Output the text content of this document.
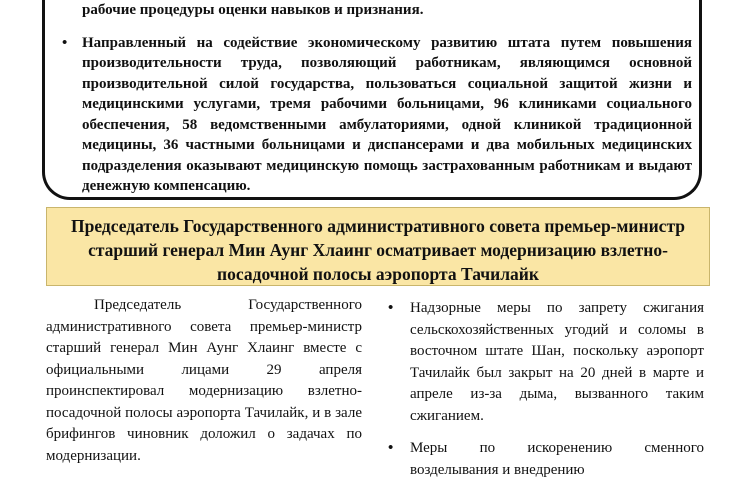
рабочие процедуры оценки навыков и признания.
• Направленный на содействие экономическому развитию штата путем повышения производительности труда, позволяющий работникам, являющимся основной производительной силой государства, пользоваться социальной защитой жизни и медицинскими услугами, тремя рабочими больницами, 96 клиниками социального обеспечения, 58 ведомственными амбулаториями, одной клиникой традиционной медицины, 36 частными больницами и диспансерами и два мобильных медицинских подразделения оказывают медицинскую помощь застрахованным работникам и выдают денежную компенсацию.
Председатель Государственного административного совета премьер-министр старший генерал Мин Аунг Хлаинг осматривает модернизацию взлетно-посадочной полосы аэропорта Тачилайк

Председатель Государственного административного совета премьер-министр старший генерал Мин Аунг Хлаинг вместе с официальными лицами 29 апреля проинспектировал модернизацию взлетно-посадочной полосы аэропорта Тачилайк, и в зале брифингов чиновник доложил о задачах по модернизации.

• Надзорные меры по запрету сжигания сельскохозяйственных угодий и соломы в восточном штате Шан, поскольку аэропорт Тачилайк был закрыт на 20 дней в марте и апреле из-за дыма, вызванного таким сжиганием.
• Меры по искоренению сменного возделывания и внедрению
